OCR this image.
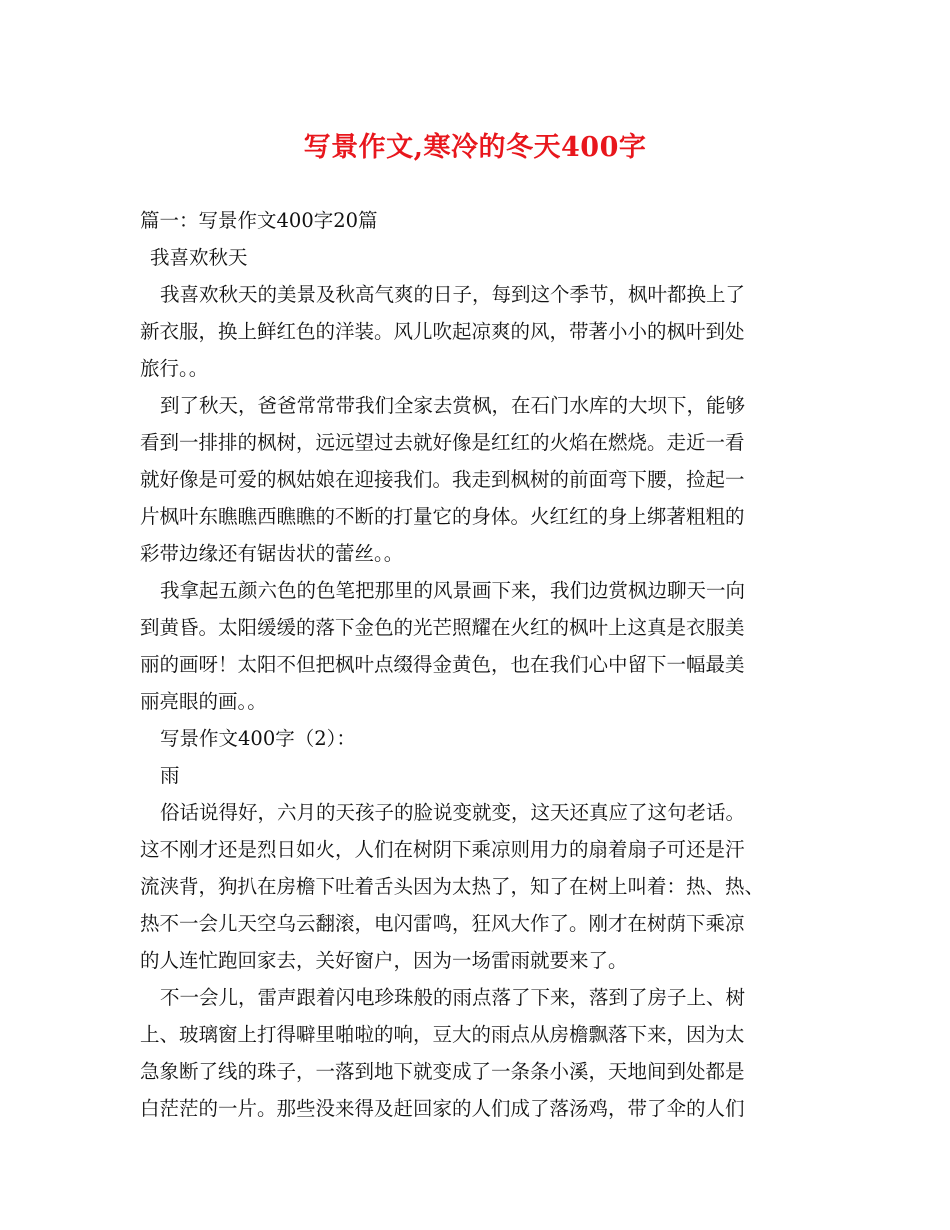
写景作文,寒冷的冬天400字
篇一：写景作文400字20篇
我喜欢秋天
我喜欢秋天的美景及秋高气爽的日子，每到这个季节，枫叶都换上了
新衣服，换上鲜红色的洋装。风儿吹起凉爽的风，带著小小的枫叶到处
旅行。。
到了秋天，爸爸常常带我们全家去赏枫，在石门水库的大坝下，能够
看到一排排的枫树，远远望过去就好像是红红的火焰在燃烧。走近一看
就好像是可爱的枫姑娘在迎接我们。我走到枫树的前面弯下腰，捡起一
片枫叶东瞧瞧西瞧瞧的不断的打量它的身体。火红红的身上绑著粗粗的
彩带边缘还有锯齿状的蕾丝。。
我拿起五颜六色的色笔把那里的风景画下来，我们边赏枫边聊天一向
到黄昏。太阳缓缓的落下金色的光芒照耀在火红的枫叶上这真是衣服美
丽的画呀！太阳不但把枫叶点缀得金黄色，也在我们心中留下一幅最美
丽亮眼的画。。
写景作文400字（2）：
雨
俗话说得好，六月的天孩子的脸说变就变，这天还真应了这句老话。
这不刚才还是烈日如火，人们在树阴下乘凉则用力的扇着扇子可还是汗
流浃背，狗扒在房檐下吐着舌头因为太热了，知了在树上叫着：热、热、
热不一会儿天空乌云翻滚，电闪雷鸣，狂风大作了。刚才在树荫下乘凉
的人连忙跑回家去，关好窗户，因为一场雷雨就要来了。
不一会儿，雷声跟着闪电珍珠般的雨点落了下来，落到了房子上、树
上、玻璃窗上打得噼里啪啦的响，豆大的雨点从房檐飘落下来，因为太
急象断了线的珠子，一落到地下就变成了一条条小溪，天地间到处都是
白茫茫的一片。那些没来得及赶回家的人们成了落汤鸡，带了伞的人们
